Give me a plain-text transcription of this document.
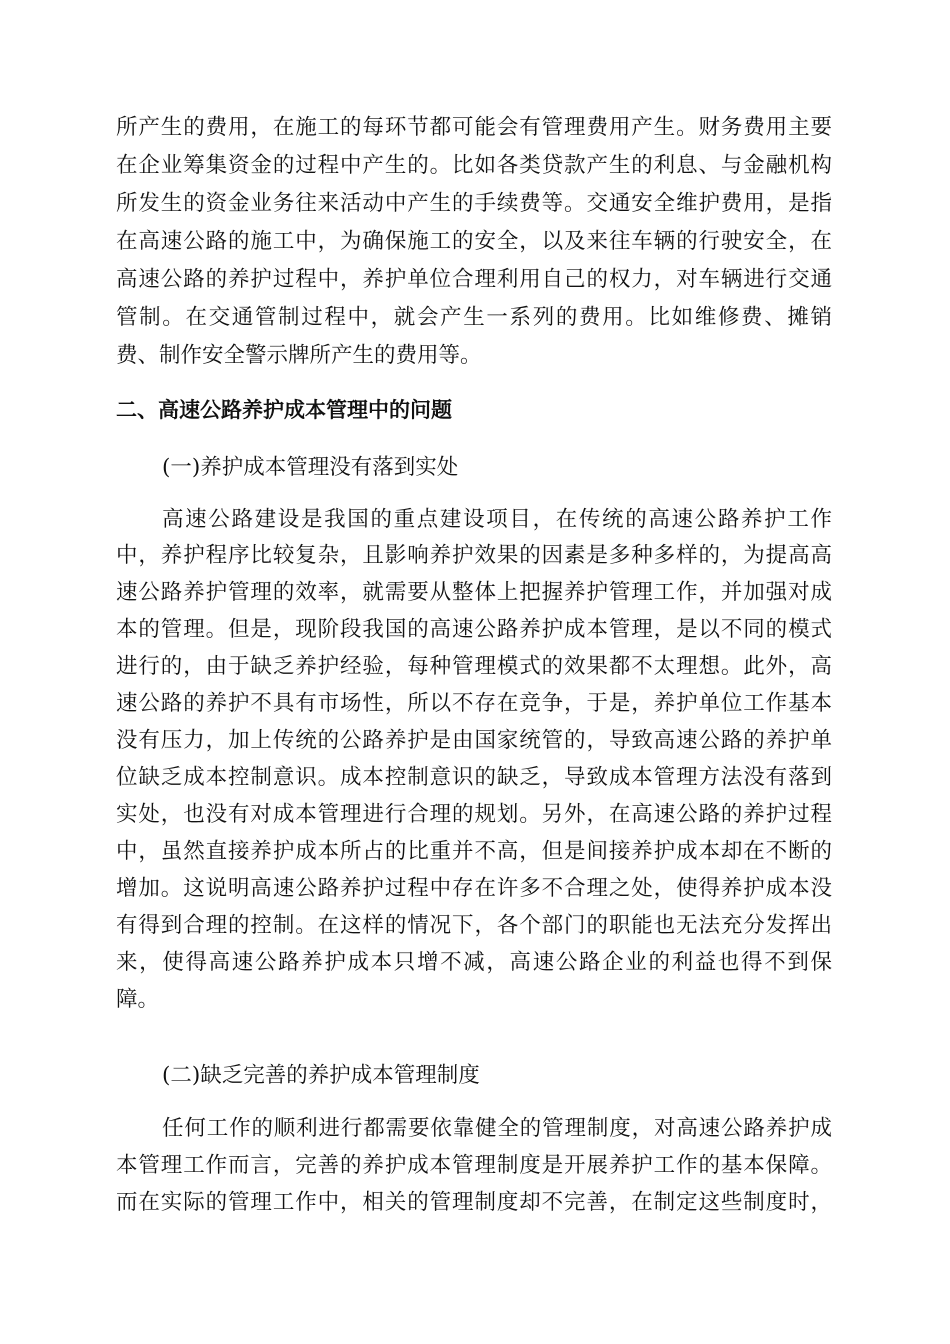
所产生的费用，在施工的每环节都可能会有管理费用产生。财务费用主要
在企业筹集资金的过程中产生的。比如各类贷款产生的利息、与金融机构
所发生的资金业务往来活动中产生的手续费等。交通安全维护费用，是指
在高速公路的施工中，为确保施工的安全，以及来往车辆的行驶安全，在
高速公路的养护过程中，养护单位合理利用自己的权力，对车辆进行交通
管制。在交通管制过程中，就会产生一系列的费用。比如维修费、摊销
费、制作安全警示牌所产生的费用等。
二、高速公路养护成本管理中的问题
(一)养护成本管理没有落到实处
高速公路建设是我国的重点建设项目，在传统的高速公路养护工作
中，养护程序比较复杂，且影响养护效果的因素是多种多样的，为提高高
速公路养护管理的效率，就需要从整体上把握养护管理工作，并加强对成
本的管理。但是，现阶段我国的高速公路养护成本管理，是以不同的模式
进行的，由于缺乏养护经验，每种管理模式的效果都不太理想。此外，高
速公路的养护不具有市场性，所以不存在竞争，于是，养护单位工作基本
没有压力，加上传统的公路养护是由国家统管的，导致高速公路的养护单
位缺乏成本控制意识。成本控制意识的缺乏，导致成本管理方法没有落到
实处，也没有对成本管理进行合理的规划。另外，在高速公路的养护过程
中，虽然直接养护成本所占的比重并不高，但是间接养护成本却在不断的
增加。这说明高速公路养护过程中存在许多不合理之处，使得养护成本没
有得到合理的控制。在这样的情况下，各个部门的职能也无法充分发挥出
来，使得高速公路养护成本只增不减，高速公路企业的利益也得不到保
障。
(二)缺乏完善的养护成本管理制度
任何工作的顺利进行都需要依靠健全的管理制度，对高速公路养护成
本管理工作而言，完善的养护成本管理制度是开展养护工作的基本保障。
而在实际的管理工作中，相关的管理制度却不完善，在制定这些制度时，
